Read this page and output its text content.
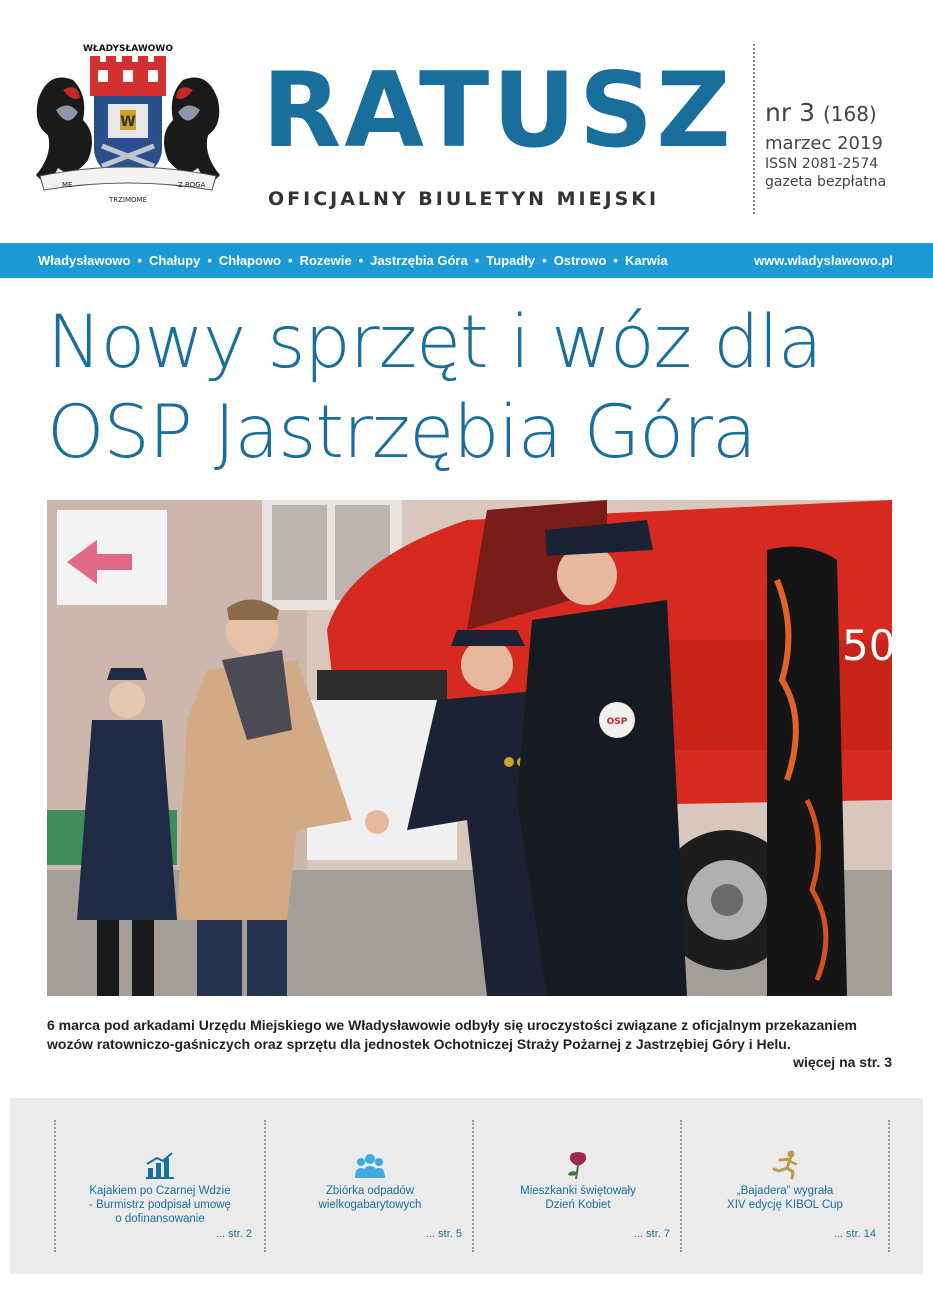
W
WŁADYSŁAWOWO
ME
TRZIMOMÉ
Z BOGA
RATUSZ
OFICJALNY BIULETYN MIEJSKI
nr 3 (168)
marzec 2019
ISSN 2081-2574
gazeta bezpłatna
Władysławowo	• Chałupy	• Chłapowo	• Rozewie	• Jastrzębia Góra	• Tupadły	• Ostrowo	• Karwia	www.wladyslawowo.pl
Nowy sprzęt i wóz dla
OSP Jastrzębia Góra
509
OSP

6 marca pod arkadami Urzędu Miejskiego we Władysławowie odbyły się uroczystości związane z oficjalnym przekazaniem
wozów ratowniczo-gaśniczych oraz sprzętu dla jednostek Ochotniczej Straży Pożarnej z Jastrzębiej Góry i Helu.

więcej na str. 3
Kajakiem po Czarnej Wdzie
- Burmistrz podpisał umowę
o dofinansowanie
... str. 2
Zbiórka odpadów
wielkogabarytowych
... str. 5
Mieszkanki świętowały
Dzień Kobiet
... str. 7
„Bajadera” wygrała
XIV edycję KIBOL Cup
... str. 14
